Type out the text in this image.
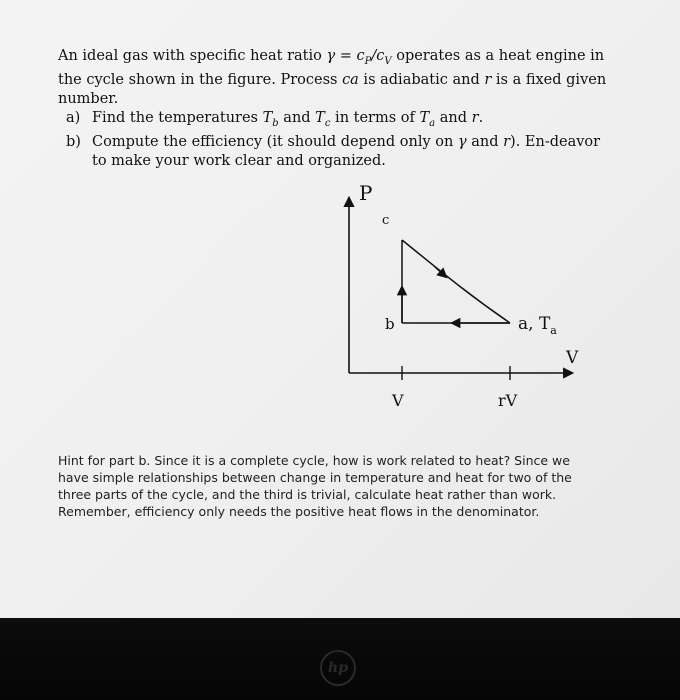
An ideal gas with specific heat ratio $\gamma = c_P/c_V$ operates as a heat engine in the cycle shown in the figure. Process ca is adiabatic and r is a fixed given number.

a) Find the temperatures $T_b$ and $T_c$ in terms of $T_a$ and r.
b) Compute the efficiency (it should depend only on γ and r). En-deavor to make your work clear and organized.
P
V
V	rV
c
b	a, $T_a$

Hint for part b. Since it is a complete cycle, how is work related to heat? Since we have simple relationships between change in temperature and heat for two of the three parts of the cycle, and the third is trivial, calculate heat rather than work. Remember, efficiency only needs the positive heat flows in the denominator.

hp
